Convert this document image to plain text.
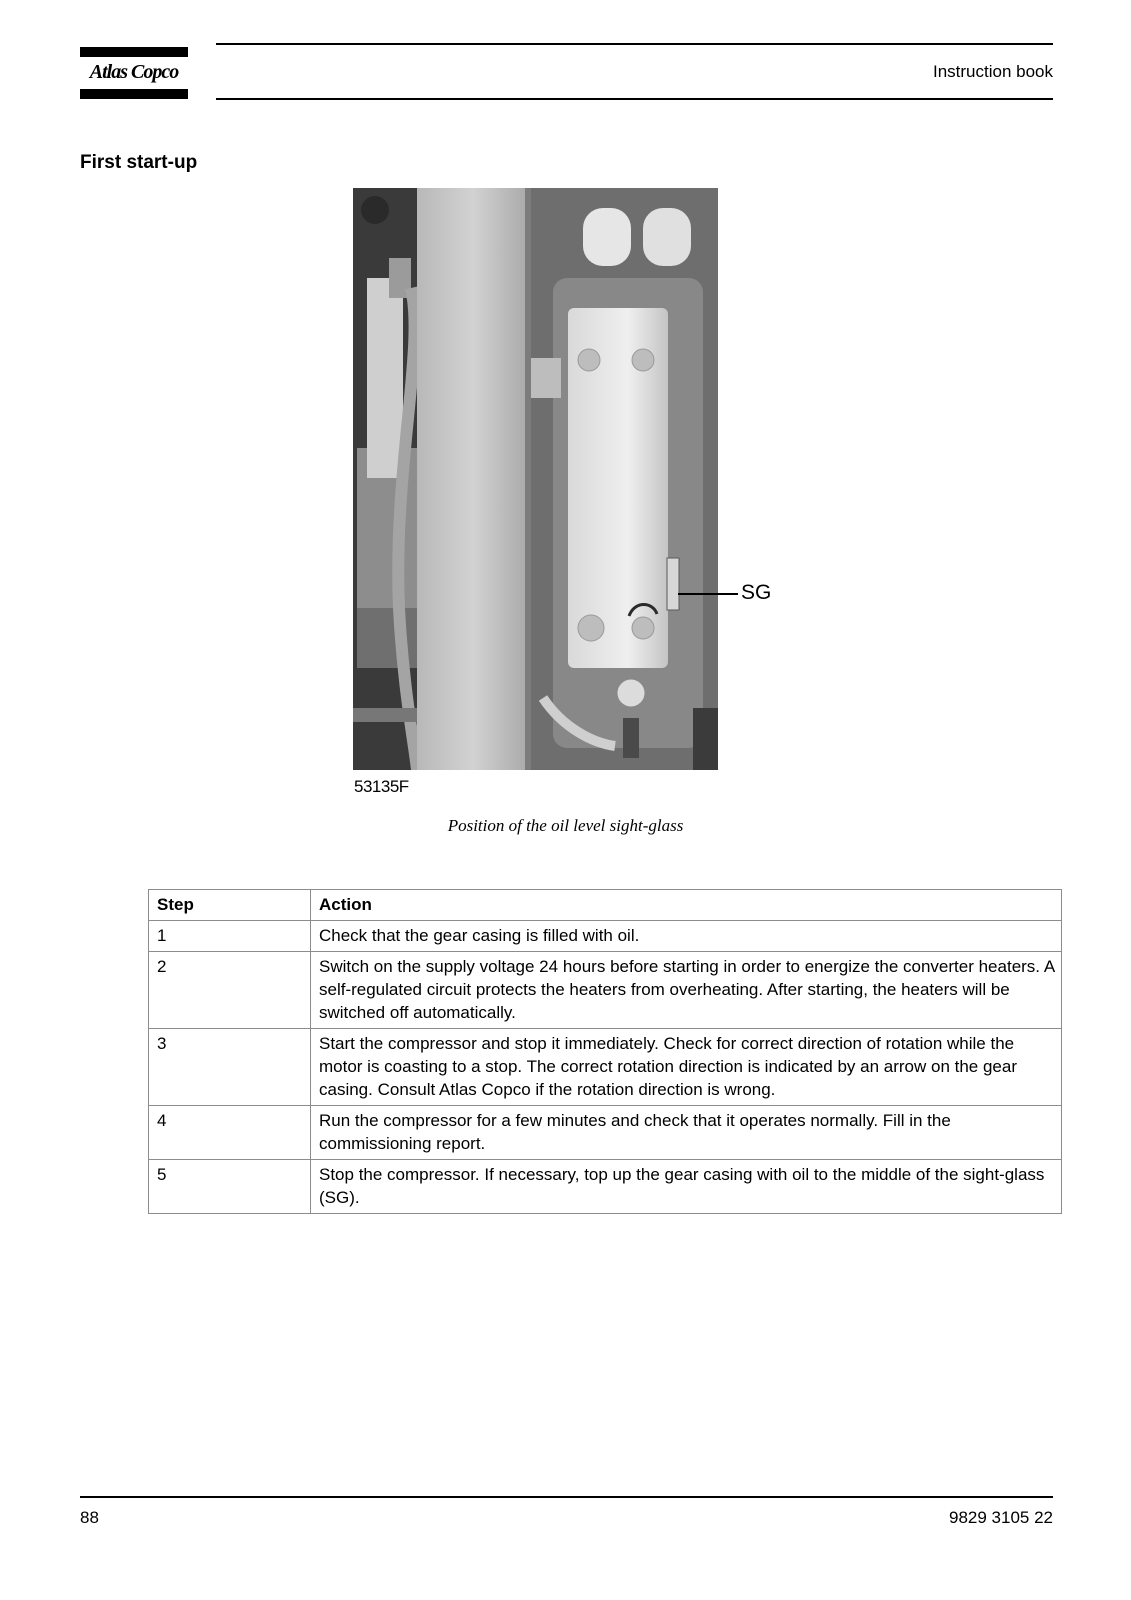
Atlas Copco	Instruction book
First start-up
SG
53135F
Position of the oil level sight-glass
Step	Action
1	Check that the gear casing is filled with oil.
2	Switch on the supply voltage 24 hours before starting in order to energize the converter heaters. A self-regulated circuit protects the heaters from overheating. After starting, the heaters will be switched off automatically.
3	Start the compressor and stop it immediately. Check for correct direction of rotation while the motor is coasting to a stop. The correct rotation direction is indicated by an arrow on the gear casing. Consult Atlas Copco if the rotation direction is wrong.
4	Run the compressor for a few minutes and check that it operates normally. Fill in the commissioning report.
5	Stop the compressor. If necessary, top up the gear casing with oil to the middle of the sight-glass (SG).
88	9829 3105 22
